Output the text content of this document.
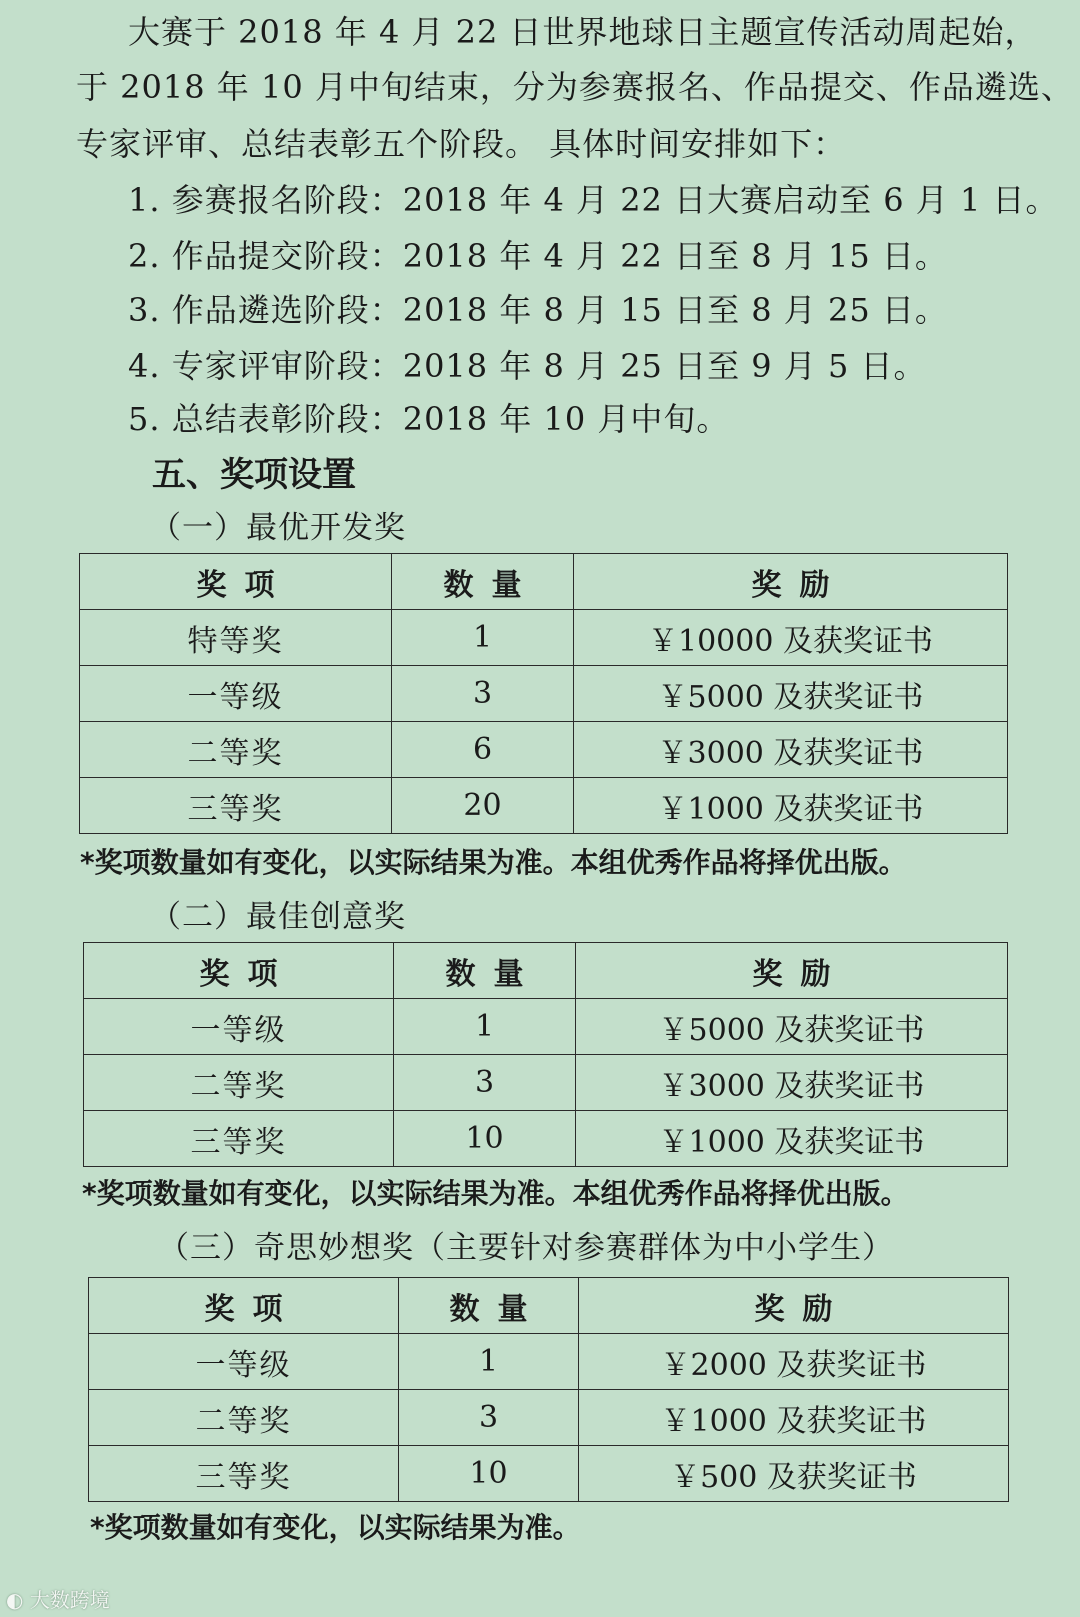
大赛于 2018 年 4 月 22 日世界地球日主题宣传活动周起始，
于 2018 年 10 月中旬结束，分为参赛报名、作品提交、作品遴选、
专家评审、总结表彰五个阶段。 具体时间安排如下：
1. 参赛报名阶段：2018 年 4 月 22 日大赛启动至 6 月 1 日。
2. 作品提交阶段：2018 年 4 月 22 日至 8 月 15 日。
3. 作品遴选阶段：2018 年 8 月 15 日至 8 月 25 日。
4. 专家评审阶段：2018 年 8 月 25 日至 9 月 5 日。
5. 总结表彰阶段：2018 年 10 月中旬。
五、奖项设置
（一）最优开发奖
奖项	数量	奖励
特等奖	1	￥10000 及获奖证书
一等级	3	￥5000 及获奖证书
二等奖	6	￥3000 及获奖证书
三等奖	20	￥1000 及获奖证书
*奖项数量如有变化，以实际结果为准。本组优秀作品将择优出版。
（二）最佳创意奖
奖项	数量	奖励
一等级	1	￥5000 及获奖证书
二等奖	3	￥3000 及获奖证书
三等奖	10	￥1000 及获奖证书
*奖项数量如有变化，以实际结果为准。本组优秀作品将择优出版。
（三）奇思妙想奖（主要针对参赛群体为中小学生）
奖项	数量	奖励
一等级	1	￥2000 及获奖证书
二等奖	3	￥1000 及获奖证书
三等奖	10	￥500 及获奖证书
*奖项数量如有变化，以实际结果为准。
◐ 大数跨境
